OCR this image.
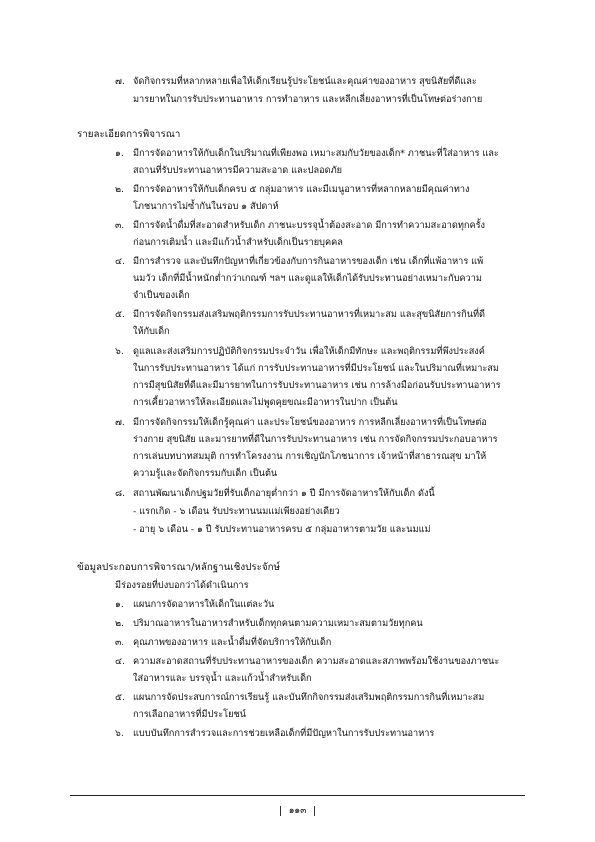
๗. จัดกิจกรรมที่หลากหลายเพื่อให้เด็กเรียนรู้ประโยชน์และคุณค่าของอาหาร สุขนิสัยที่ดีและ
มารยาทในการรับประทานอาหาร การทำอาหาร และหลีกเลี่ยงอาหารที่เป็นโทษต่อร่างกาย
รายละเอียดการพิจารณา
๑. มีการจัดอาหารให้กับเด็กในปริมาณที่เพียงพอ เหมาะสมกับวัยของเด็ก* ภาชนะที่ใส่อาหาร และ
สถานที่รับประทานอาหารมีความสะอาด และปลอดภัย
๒. มีการจัดอาหารให้กับเด็กครบ ๕ กลุ่มอาหาร และมีเมนูอาหารที่หลากหลายมีคุณค่าทาง
โภชนาการไม่ซ้ำกันในรอบ ๑ สัปดาห์
๓. มีการจัดน้ำดื่มที่สะอาดสำหรับเด็ก ภาชนะบรรจุน้ำต้องสะอาด มีการทำความสะอาดทุกครั้ง
ก่อนการเติมน้ำ และมีแก้วน้ำสำหรับเด็กเป็นรายบุคคล
๔. มีการสำรวจ และบันทึกปัญหาที่เกี่ยวข้องกับการกินอาหารของเด็ก เช่น เด็กที่แพ้อาหาร แพ้
นมวัว เด็กที่มีน้ำหนักต่ำกว่าเกณฑ์ ฯลฯ และดูแลให้เด็กได้รับประทานอย่างเหมาะกับความ
จำเป็นของเด็ก
๕. มีการจัดกิจกรรมส่งเสริมพฤติกรรมการรับประทานอาหารที่เหมาะสม และสุขนิสัยการกินที่ดี
ให้กับเด็ก
๖. ดูแลและส่งเสริมการปฏิบัติกิจกรรมประจำวัน เพื่อให้เด็กมีทักษะ และพฤติกรรมที่พึงประสงค์
ในการรับประทานอาหาร ได้แก่ การรับประทานอาหารที่มีประโยชน์ และในปริมาณที่เหมาะสม
การมีสุขนิสัยที่ดีและมีมารยาทในการรับประทานอาหาร เช่น การล้างมือก่อนรับประทานอาหาร
การเคี้ยวอาหารให้ละเอียดและไม่พูดคุยขณะมีอาหารในปาก เป็นต้น
๗. มีการจัดกิจกรรมให้เด็กรู้คุณค่า และประโยชน์ของอาหาร การหลีกเลี่ยงอาหารที่เป็นโทษต่อ
ร่างกาย สุขนิสัย และมารยาทที่ดีในการรับประทานอาหาร เช่น การจัดกิจกรรมประกอบอาหาร
การเล่นบทบาทสมมุติ การทำโครงงาน การเชิญนักโภชนาการ เจ้าหน้าที่สาธารณสุข มาให้
ความรู้และจัดกิจกรรมกับเด็ก เป็นต้น
๘. สถานพัฒนาเด็กปฐมวัยที่รับเด็กอายุต่ำกว่า ๑ ปี มีการจัดอาหารให้กับเด็ก ดังนี้
- แรกเกิด - ๖ เดือน รับประทานนมแม่เพียงอย่างเดียว
- อายุ ๖ เดือน - ๑ ปี รับประทานอาหารครบ ๕ กลุ่มอาหารตามวัย และนมแม่
ข้อมูลประกอบการพิจารณา/หลักฐานเชิงประจักษ์
มีร่องรอยที่บ่งบอกว่าได้ดำเนินการ
๑. แผนการจัดอาหารให้เด็กในแต่ละวัน
๒. ปริมาณอาหารในอาหารสำหรับเด็กทุกคนตามความเหมาะสมตามวัยทุกคน
๓. คุณภาพของอาหาร และน้ำดื่มที่จัดบริการให้กับเด็ก
๔. ความสะอาดสถานที่รับประทานอาหารของเด็ก ความสะอาดและสภาพพร้อมใช้งานของภาชนะ
ใส่อาหารและ บรรจุน้ำ และแก้วน้ำสำหรับเด็ก
๕. แผนการจัดประสบการณ์การเรียนรู้ และบันทึกกิจกรรมส่งเสริมพฤติกรรมการกินที่เหมาะสม
การเลือกอาหารที่มีประโยชน์
๖. แบบบันทึกการสำรวจและการช่วยเหลือเด็กที่มีปัญหาในการรับประทานอาหาร
๑๑๓
